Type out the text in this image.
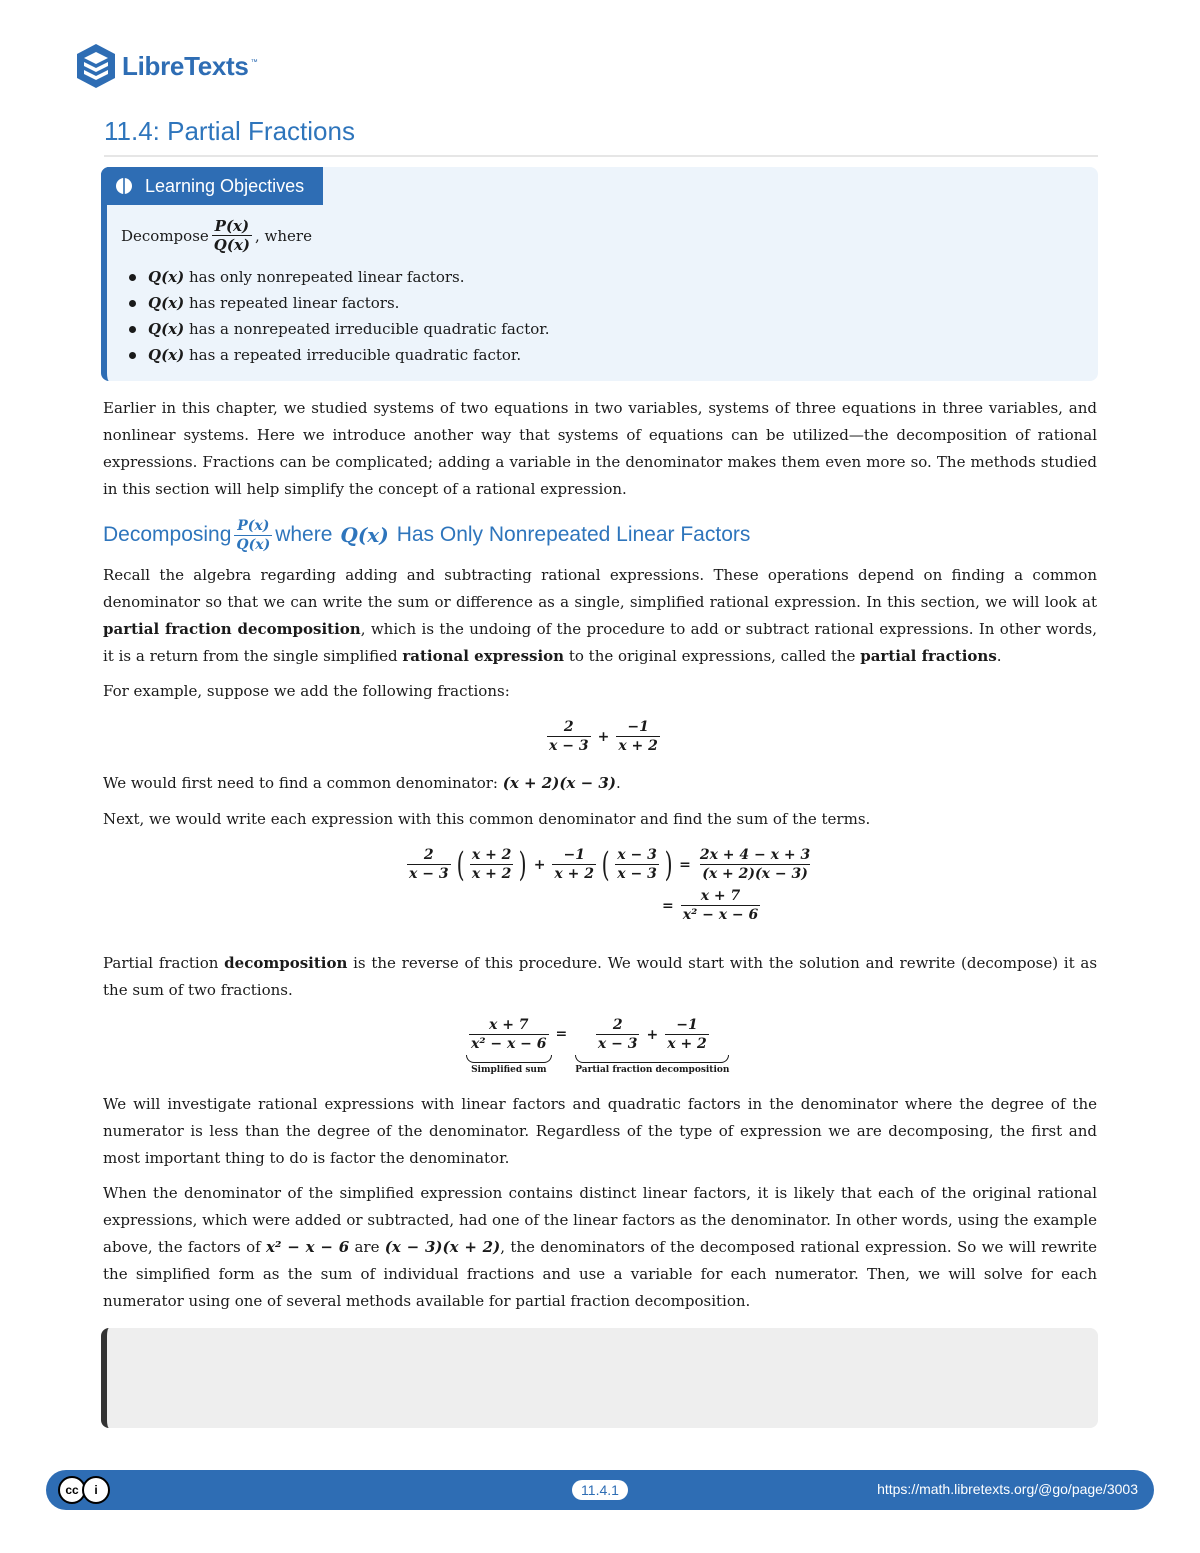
LibreTexts ™
11.4: Partial Fractions
Learning Objectives
Decompose $\frac{P(x)}{Q(x)}$ , where
Q(x) has only nonrepeated linear factors.
Q(x) has repeated linear factors.
Q(x) has a nonrepeated irreducible quadratic factor.
Q(x) has a repeated irreducible quadratic factor.

Earlier in this chapter, we studied systems of two equations in two variables, systems of three equations in three variables, and nonlinear systems. Here we introduce another way that systems of equations can be utilized—the decomposition of rational expressions. Fractions can be complicated; adding a variable in the denominator makes them even more so. The methods studied in this section will help simplify the concept of a rational expression.

Decomposing $\frac{P(x)}{Q(x)}$ where Q(x) Has Only Nonrepeated Linear Factors

Recall the algebra regarding adding and subtracting rational expressions. These operations depend on finding a common denominator so that we can write the sum or difference as a single, simplified rational expression. In this section, we will look at partial fraction decomposition, which is the undoing of the procedure to add or subtract rational expressions. In other words, it is a return from the single simplified rational expression to the original expressions, called the partial fractions.

For example, suppose we add the following fractions:

$\frac{2}{x - 3} + \frac{-1}{x + 2}$

We would first need to find a common denominator: (x + 2)(x − 3).

Next, we would write each expression with this common denominator and find the sum of the terms.

$\frac{2}{x - 3}$ ( $\frac{x + 2}{x + 2}$ ) + $\frac{-1}{x + 2}$ ( $\frac{x - 3}{x - 3}$ ) = $\frac{2x + 4 - x + 3}{(x + 2)(x - 3)}$
= $\frac{x + 7}{\text{x² − x − 6}}$

Partial fraction decomposition is the reverse of this procedure. We would start with the solution and rewrite (decompose) it as the sum of two fractions.

$\frac{x + 7}{\text{x² − x − 6}}$
Simplified sum
= $\frac{2}{x - 3} + \frac{-1}{x + 2}$
Partial fraction decomposition

We will investigate rational expressions with linear factors and quadratic factors in the denominator where the degree of the numerator is less than the degree of the denominator. Regardless of the type of expression we are decomposing, the first and most important thing to do is factor the denominator.

When the denominator of the simplified expression contains distinct linear factors, it is likely that each of the original rational expressions, which were added or subtracted, had one of the linear factors as the denominator. In other words, using the example above, the factors of x² − x − 6 are (x − 3)(x + 2), the denominators of the decomposed rational expression. So we will rewrite the simplified form as the sum of individual fractions and use a variable for each numerator. Then, we will solve for each numerator using one of several methods available for partial fraction decomposition.

cc	i	11.4.1	https://math.libretexts.org/@go/page/3003
